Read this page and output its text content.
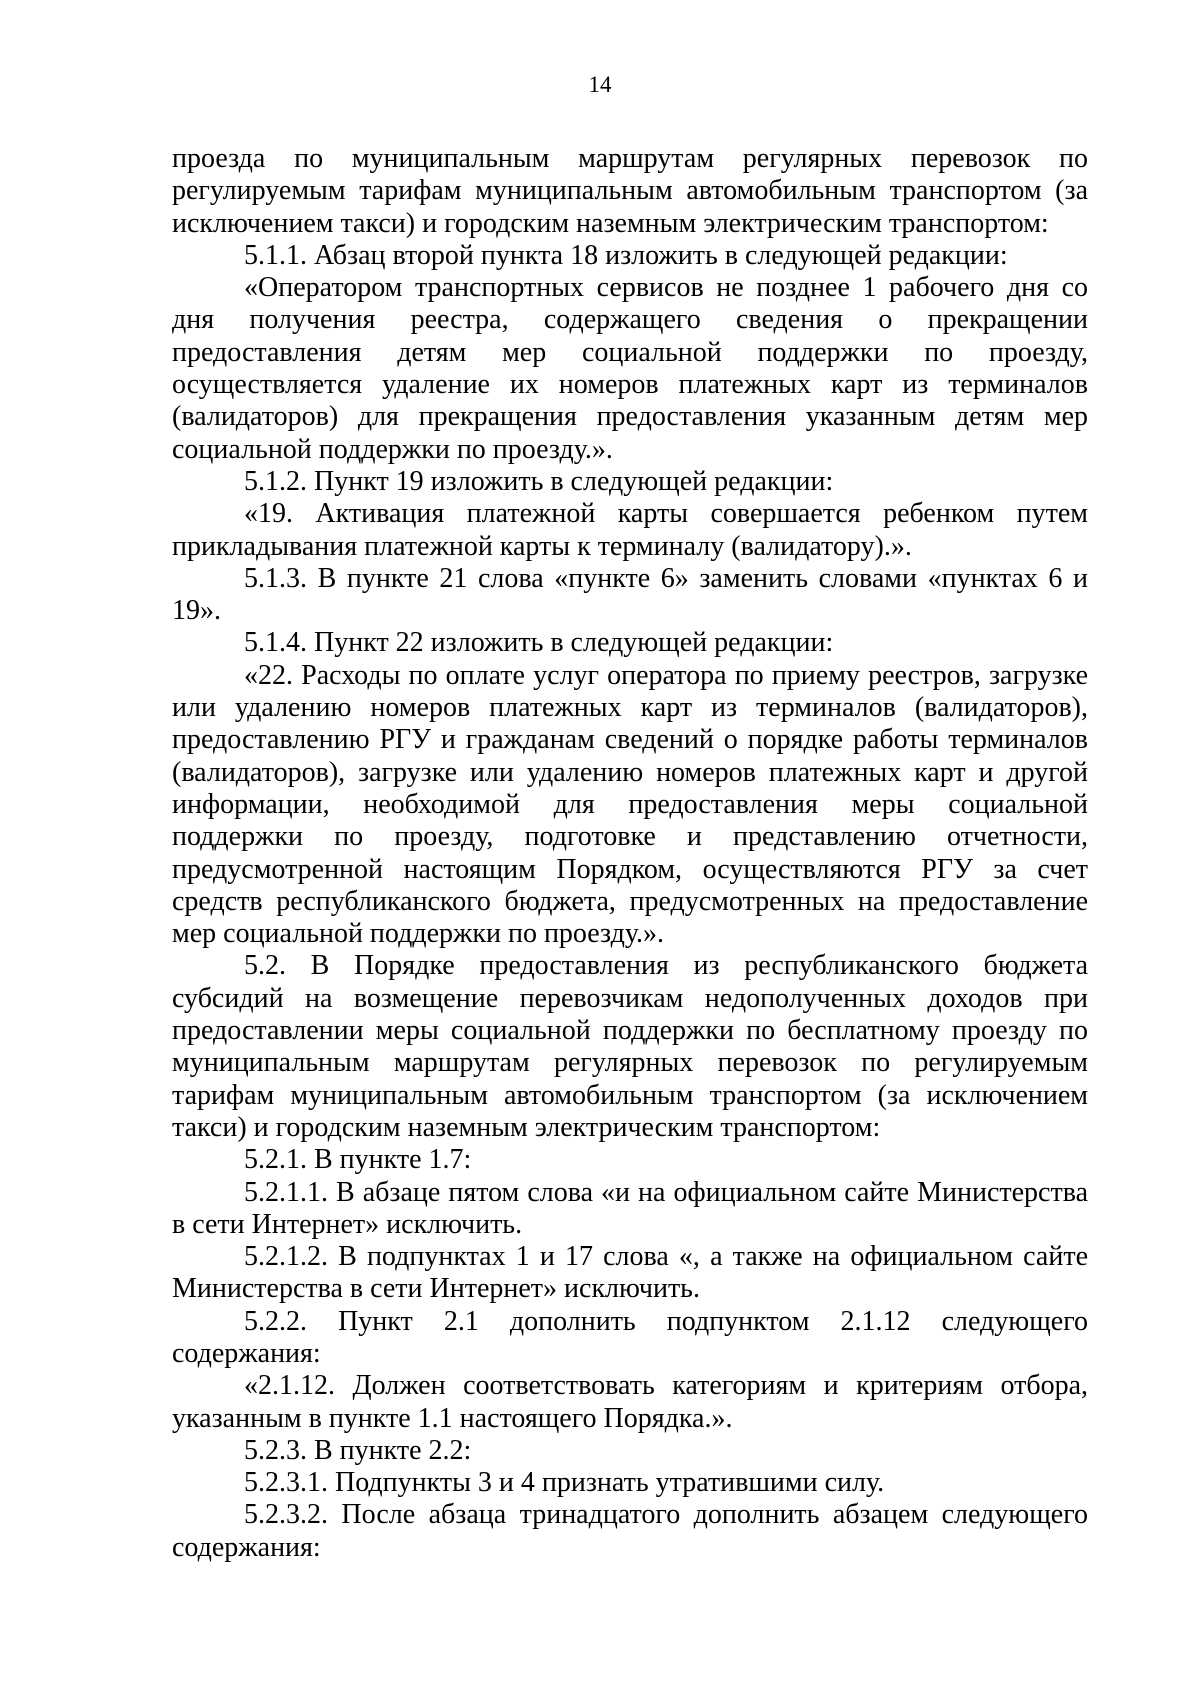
14

проезда по муниципальным маршрутам регулярных перевозок по регулируемым тарифам муниципальным автомобильным транспортом (за исключением такси) и городским наземным электрическим транспортом:

5.1.1. Абзац второй пункта 18 изложить в следующей редакции:

«Оператором транспортных сервисов не позднее 1 рабочего дня со дня получения реестра, содержащего сведения о прекращении предоставления детям мер социальной поддержки по проезду, осуществляется удаление их номеров платежных карт из терминалов (валидаторов) для прекращения предоставления указанным детям мер социальной поддержки по проезду.».

5.1.2. Пункт 19 изложить в следующей редакции:

«19. Активация платежной карты совершается ребенком путем прикладывания платежной карты к терминалу (валидатору).».

5.1.3. В пункте 21 слова «пункте 6» заменить словами «пунктах 6 и 19».

5.1.4. Пункт 22 изложить в следующей редакции:

«22. Расходы по оплате услуг оператора по приему реестров, загрузке или удалению номеров платежных карт из терминалов (валидаторов), предоставлению РГУ и гражданам сведений о порядке работы терминалов (валидаторов), загрузке или удалению номеров платежных карт и другой информации, необходимой для предоставления меры социальной поддержки по проезду, подготовке и представлению отчетности, предусмотренной настоящим Порядком, осуществляются РГУ за счет средств республиканского бюджета, предусмотренных на предоставление мер социальной поддержки по проезду.».

5.2. В Порядке предоставления из республиканского бюджета субсидий на возмещение перевозчикам недополученных доходов при предоставлении меры социальной поддержки по бесплатному проезду по муниципальным маршрутам регулярных перевозок по регулируемым тарифам муниципальным автомобильным транспортом (за исключением такси) и городским наземным электрическим транспортом:

5.2.1. В пункте 1.7:

5.2.1.1. В абзаце пятом слова «и на официальном сайте Министерства в сети Интернет» исключить.

5.2.1.2. В подпунктах 1 и 17 слова «, а также на официальном сайте Министерства в сети Интернет» исключить.

5.2.2. Пункт 2.1 дополнить подпунктом 2.1.12 следующего содержания:

«2.1.12. Должен соответствовать категориям и критериям отбора, указанным в пункте 1.1 настоящего Порядка.».

5.2.3. В пункте 2.2:

5.2.3.1. Подпункты 3 и 4 признать утратившими силу.

5.2.3.2. После абзаца тринадцатого дополнить абзацем следующего содержания:
